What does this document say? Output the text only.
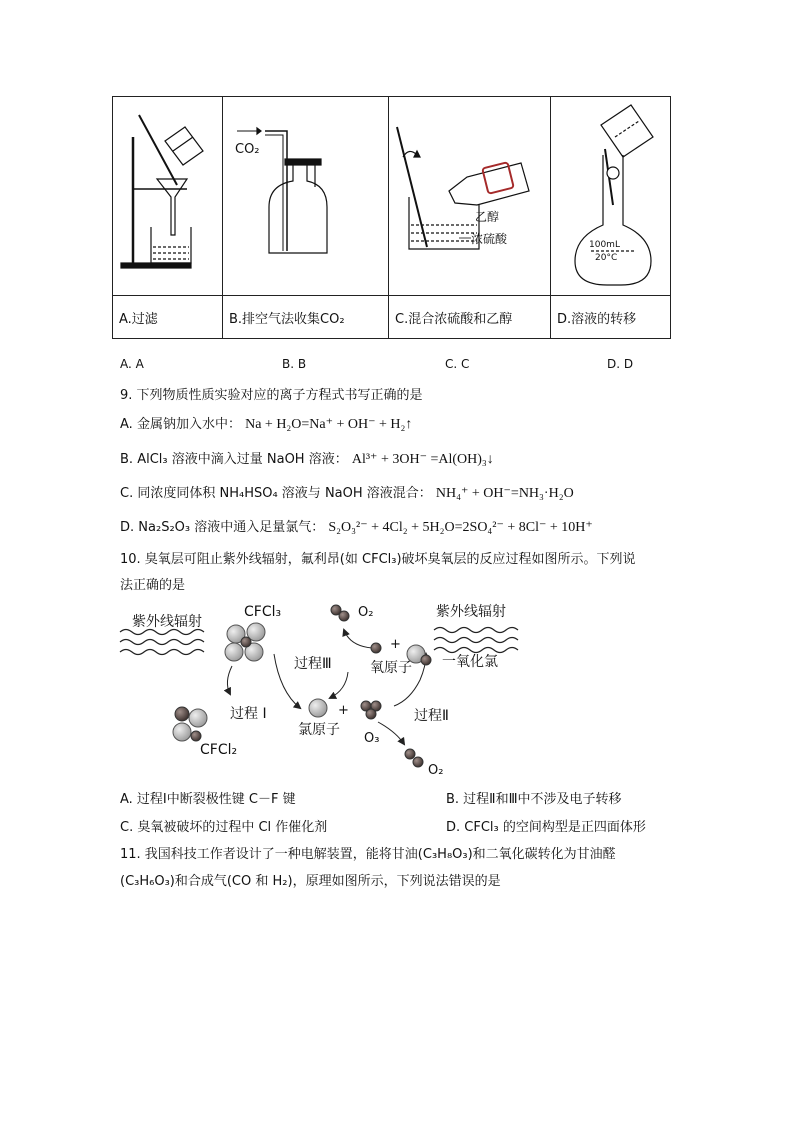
CO₂	乙醇
浓硫酸	100mL
20°C

A.过滤	B.排空气法收集CO₂	C.混合浓硫酸和乙醇	D.溶液的转移
A. A	B. B	C. C	D. D
9. 下列物质性质实验对应的离子方程式书写正确的是
A. 金属钠加入水中： Na + H₂O=Na⁺ + OH⁻ + H₂↑
B. AlCl₃ 溶液中滴入过量 NaOH 溶液： Al³⁺ + 3OH⁻ =Al(OH)₃↓
C. 同浓度同体积 NH₄HSO₄ 溶液与 NaOH 溶液混合： NH₄⁺ + OH⁻=NH₃·H₂O
D. Na₂S₂O₃ 溶液中通入足量氯气： S₂O₃²⁻ + 4Cl₂ + 5H₂O=2SO₄²⁻ + 8Cl⁻ + 10H⁺
10. 臭氧层可阻止紫外线辐射，氟利昂(如 CFCl₃)破坏臭氧层的反应过程如图所示。下列说
法正确的是
紫外线辐射
CFCl₃
过程 I
CFCl₂
+
氯原子
O₃
过程Ⅱ
O₂
O₂
+
氧原子 一氧化氯
过程Ⅲ
紫外线辐射
A. 过程Ⅰ中断裂极性键 C－F 键	B. 过程Ⅱ和Ⅲ中不涉及电子转移
C. 臭氧被破坏的过程中 Cl 作催化剂	D. CFCl₃ 的空间构型是正四面体形
11. 我国科技工作者设计了一种电解装置，能将甘油(C₃H₈O₃)和二氧化碳转化为甘油醛
(C₃H₆O₃)和合成气(CO 和 H₂)，原理如图所示，下列说法错误的是
